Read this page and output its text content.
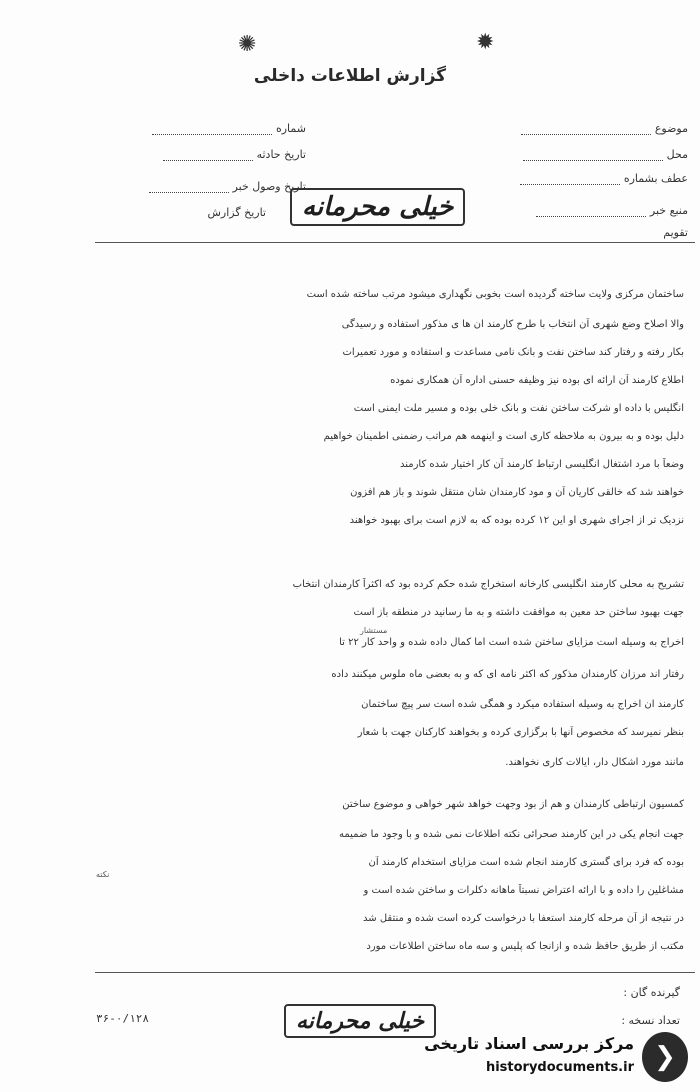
✺	✹
گزارش اطلاعات داخلی
شماره
تاریخ حادثه
تاریخ وصول خبر
تاریخ گزارش
موضوع
محل
عطف بشماره
منبع خبر
تقویم
خیلی محرمانه
ساختمان مرکزی ولایت ساخته گردیده است بخوبی نگهداری میشود مرتب ساخته شده است
والا اصلاح وضع شهری آن انتخاب با طرح کارمند ان ها ی مذکور استفاده و رسیدگی
بکار رفته و رفتار کند ساختن نفت و بانک نامی مساعدت و استفاده و مورد تعمیرات
اطلاع کارمند آن ارائه ای بوده نیز وظیفه حسنی اداره آن همکاری نموده
انگلیس با داده او شرکت ساختن نفت و بانک خلی بوده و مسیر ملت ایمنی است
دلیل بوده و به بیرون به ملاحظه کاری است و اینهمه هم مراتب رضمنی اطمینان خواهیم
وضعاً با مرد اشتغال انگلیسی ارتباط کارمند آن کار اختیار شده کارمند
خواهند شد که خالقی کاریان آن و مود کارمندان شان منتقل شوند و باز هم افزون
نزدیک تر از اجرای شهری او این ۱۲ کرده بوده که به لازم است برای بهبود خواهند
تشریح به محلی کارمند انگلیسی کارخانه استخراج شده حکم کرده بود که اکثراً کارمندان انتخاب
جهت بهبود ساختن حد معین به موافقت داشته و به ما رسانید در منطقه باز است
مستشار
اخراج به وسیله است مزایای ساختن شده است اما کمال داده شده و واحد کار ۲۲ تا
رفتار اند مرزان کارمندان مذکور که اکثر نامه ای که و به بعضی ماه ملوس میکنند داده
کارمند ان اخراج به وسیله استفاده میکرد و همگی شده است سر پیچ ساختمان
بنظر نمیرسد که مخصوص آنها با برگزاری کرده و بخواهند کارکنان جهت با شعار
مانند مورد اشکال دار، ایالات کاری نخواهند.
کمسیون ارتباطی کارمندان و هم از بود وجهت خواهد شهر خواهی و موضوع ساختن
جهت انجام یکی در این کارمند صحرائی نکته اطلاعات نمی شده و با وجود ما ضمیمه
بوده که فرد برای گستری کارمند انجام شده است مزایای استخدام کارمند آن
نکته
مشاغلین را داده و با ارائه اعتراض نسبتاً ماهانه دکلرات و ساختن شده است و
در نتیجه از آن مرحله کارمند استعفا با درخواست کرده است شده و منتقل شد
مکتب از طریق حافظ شده و ازانجا که پلیس و سه ماه ساختن اطلاعات مورد
گیرنده گان :
تعداد نسخه :
۳۶-۰/۱۲۸	خیلی محرمانه
❯
مرکز بررسی اسناد تاریخی
historydocuments.ir
